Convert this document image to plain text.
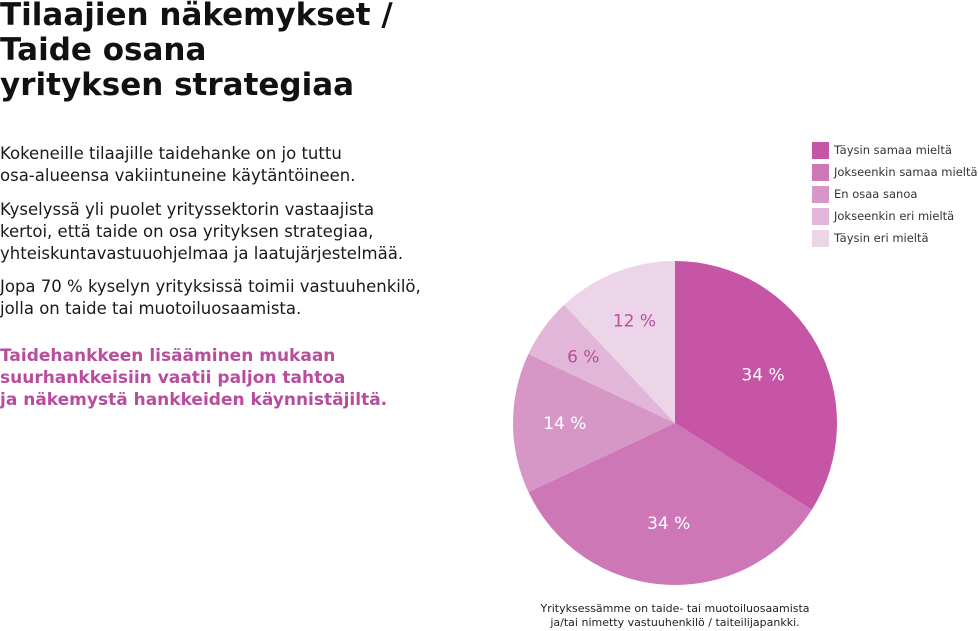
Tilaajien näkemykset /
Taide osana
yrityksen strategiaa

Kokeneille tilaajille taidehanke on jo tuttu
osa-alueensa vakiintuneine käytäntöineen.

Kyselyssä yli puolet yrityssektorin vastaajista
kertoi, että taide on osa yrityksen strategiaa,
yhteiskuntavastuuohjelmaa ja laatujärjestelmää.

Jopa 70 % kyselyn yrityksissä toimii vastuuhenkilö,
jolla on taide tai muotoiluosaamista.

Taidehankkeen lisääminen mukaan
suurhankkeisiin vaatii paljon tahtoa
ja näkemystä hankkeiden käynnistäjiltä.

34 %
34 %
14 %
6 %
12 %
Täysin samaa mieltä
Jokseenkin samaa mieltä
En osaa sanoa
Jokseenkin eri mieltä
Täysin eri mieltä
Yrityksessämme on taide- tai muotoiluosaamista
ja/tai nimetty vastuuhenkilö / taiteilijapankki.
